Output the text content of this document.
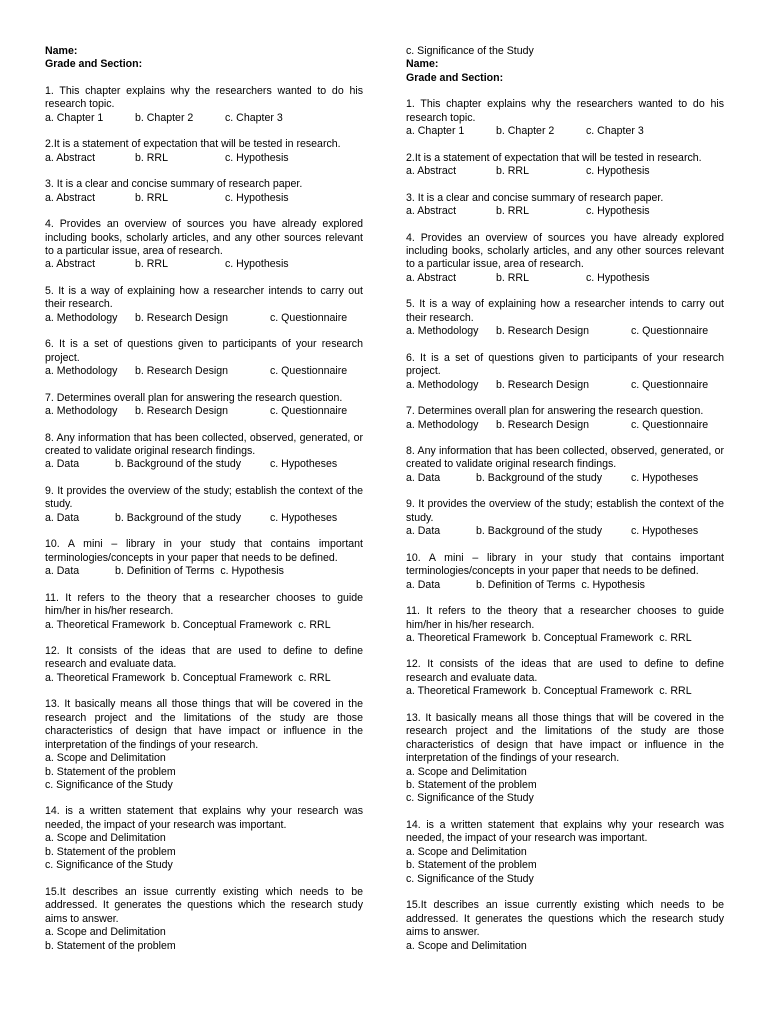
Name:
Grade and Section:
1. This chapter explains why the researchers wanted to do his research topic.
a. Chapter 1	b. Chapter 2	c. Chapter 3
2.It is a statement of expectation that will be tested in research.
a. Abstract	b. RRL	c. Hypothesis
3. It is a clear and concise summary of research paper.
a. Abstract	b. RRL	c. Hypothesis
4. Provides an overview of sources you have already explored including books, scholarly articles, and any other sources relevant to a particular issue, area of research.
a. Abstract	b. RRL	c. Hypothesis
5. It is a way of explaining how a researcher intends to carry out their research.
a. Methodology	b. Research Design	c. Questionnaire
6. It is a set of questions given to participants of your research project.
a. Methodology	b. Research Design	c. Questionnaire
7. Determines overall plan for answering the research question.
a. Methodology	b. Research Design	c. Questionnaire
8. Any information that has been collected, observed, generated, or created to validate original research findings.
a. Data	b. Background of the study	c. Hypotheses
9. It provides the overview of the study; establish the context of the study.
a. Data	b. Background of the study	c. Hypotheses
10. A mini – library in your study that contains important terminologies/concepts in your paper that needs to be defined.
a. Data	b. Definition of Terms c. Hypothesis
11. It refers to the theory that a researcher chooses to guide him/her in his/her research.
a. Theoretical Framework b. Conceptual Framework c. RRL
12. It consists of the ideas that are used to define to define research and evaluate data.
a. Theoretical Framework b. Conceptual Framework c. RRL
13. It basically means all those things that will be covered in the research project and the limitations of the study are those characteristics of design that have impact or influence in the interpretation of the findings of your research.
a. Scope and Delimitation
b. Statement of the problem
c. Significance of the Study
14. is a written statement that explains why your research was needed, the impact of your research was important.
a. Scope and Delimitation
b. Statement of the problem
c. Significance of the Study
15.It describes an issue currently existing which needs to be addressed. It generates the questions which the research study aims to answer.
a. Scope and Delimitation
b. Statement of the problem
c. Significance of the Study
Name:
Grade and Section:
1. This chapter explains why the researchers wanted to do his research topic.
a. Chapter 1	b. Chapter 2	c. Chapter 3
2.It is a statement of expectation that will be tested in research.
a. Abstract	b. RRL	c. Hypothesis
3. It is a clear and concise summary of research paper.
a. Abstract	b. RRL	c. Hypothesis
4. Provides an overview of sources you have already explored including books, scholarly articles, and any other sources relevant to a particular issue, area of research.
a. Abstract	b. RRL	c. Hypothesis
5. It is a way of explaining how a researcher intends to carry out their research.
a. Methodology	b. Research Design	c. Questionnaire
6. It is a set of questions given to participants of your research project.
a. Methodology	b. Research Design	c. Questionnaire
7. Determines overall plan for answering the research question.
a. Methodology	b. Research Design	c. Questionnaire
8. Any information that has been collected, observed, generated, or created to validate original research findings.
a. Data	b. Background of the study	c. Hypotheses
9. It provides the overview of the study; establish the context of the study.
a. Data	b. Background of the study	c. Hypotheses
10. A mini – library in your study that contains important terminologies/concepts in your paper that needs to be defined.
a. Data	b. Definition of Terms c. Hypothesis
11. It refers to the theory that a researcher chooses to guide him/her in his/her research.
a. Theoretical Framework b. Conceptual Framework c. RRL
12. It consists of the ideas that are used to define to define research and evaluate data.
a. Theoretical Framework b. Conceptual Framework c. RRL
13. It basically means all those things that will be covered in the research project and the limitations of the study are those characteristics of design that have impact or influence in the interpretation of the findings of your research.
a. Scope and Delimitation
b. Statement of the problem
c. Significance of the Study
14. is a written statement that explains why your research was needed, the impact of your research was important.
a. Scope and Delimitation
b. Statement of the problem
c. Significance of the Study
15.It describes an issue currently existing which needs to be addressed. It generates the questions which the research study aims to answer.
a. Scope and Delimitation
